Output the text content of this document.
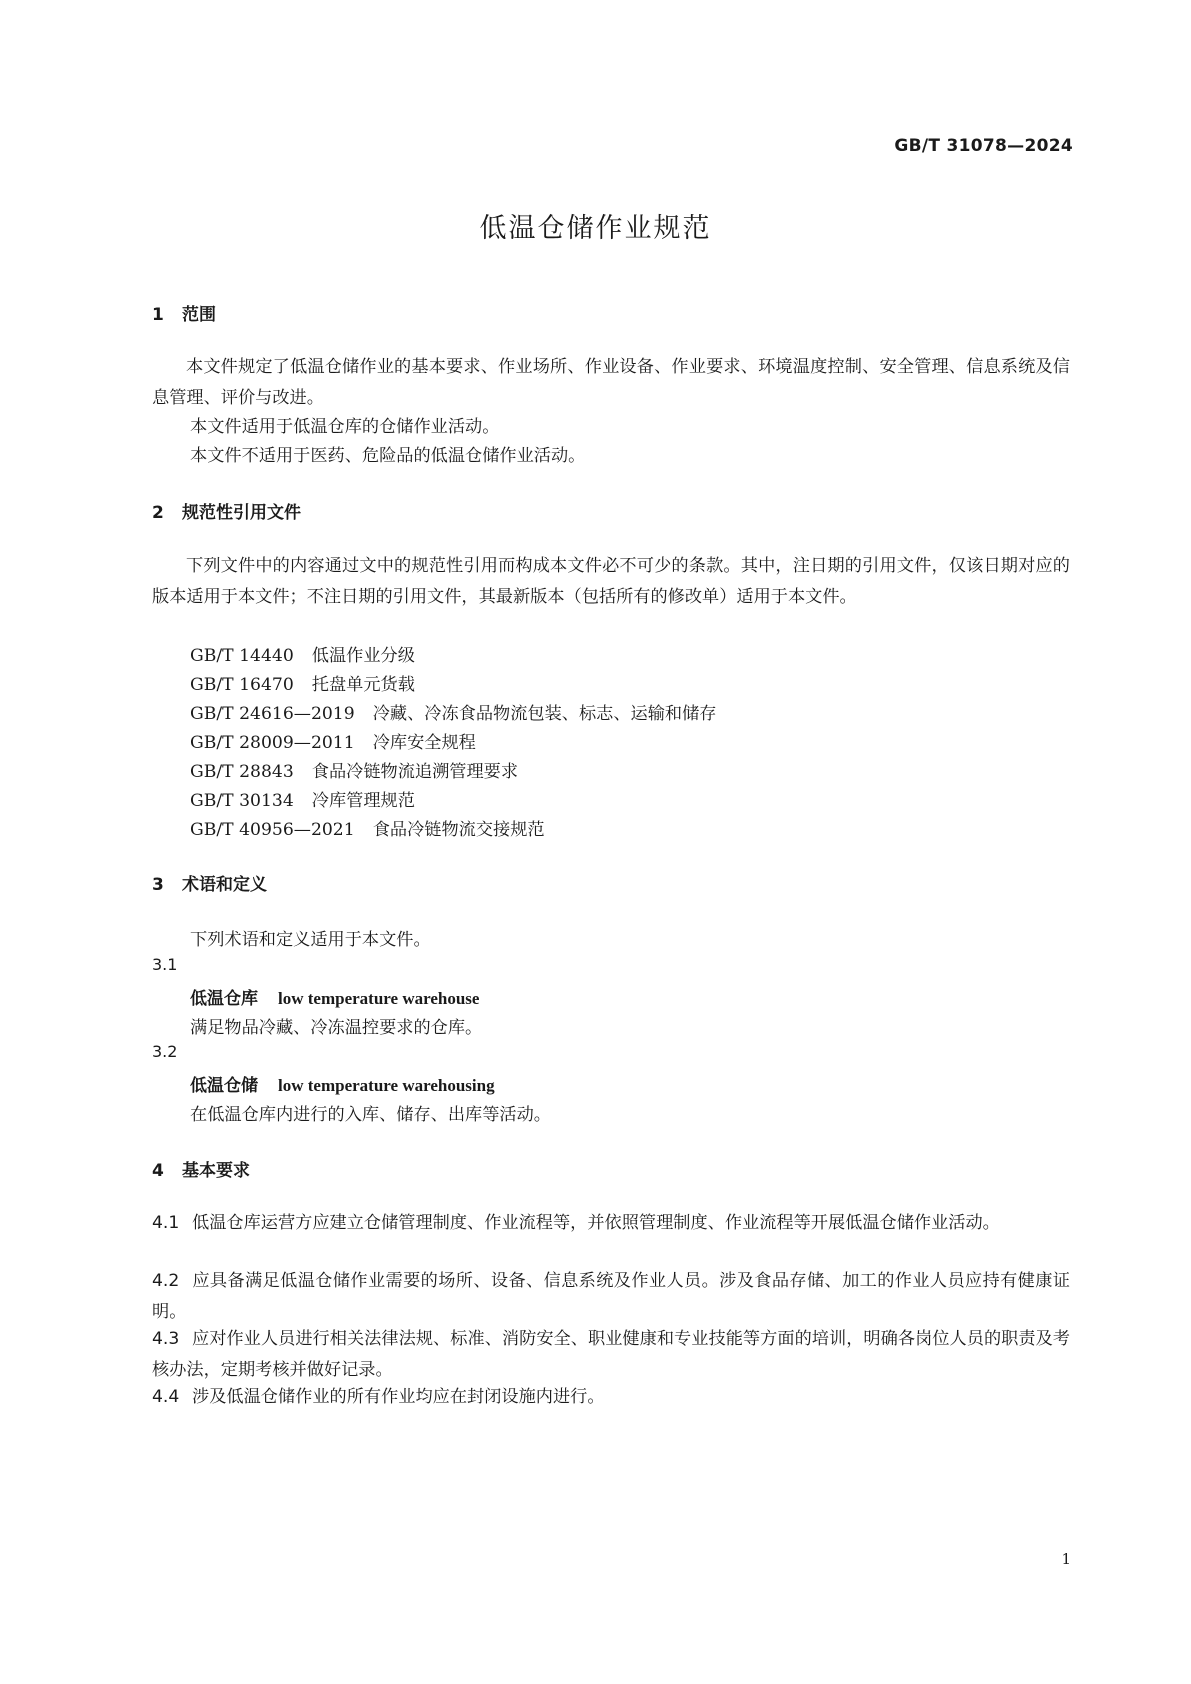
GB/T 31078—2024
低温仓储作业规范
1 范围
本文件规定了低温仓储作业的基本要求、作业场所、作业设备、作业要求、环境温度控制、安全管理、信息系统及信息管理、评价与改进。
本文件适用于低温仓库的仓储作业活动。
本文件不适用于医药、危险品的低温仓储作业活动。
2 规范性引用文件
下列文件中的内容通过文中的规范性引用而构成本文件必不可少的条款。其中，注日期的引用文件，仅该日期对应的版本适用于本文件；不注日期的引用文件，其最新版本（包括所有的修改单）适用于本文件。
GB/T 14440 低温作业分级
GB/T 16470 托盘单元货载
GB/T 24616—2019 冷藏、冷冻食品物流包装、标志、运输和储存
GB/T 28009—2011 冷库安全规程
GB/T 28843 食品冷链物流追溯管理要求
GB/T 30134 冷库管理规范
GB/T 40956—2021 食品冷链物流交接规范
3 术语和定义
下列术语和定义适用于本文件。
3.1
低温仓库 low temperature warehouse
满足物品冷藏、冷冻温控要求的仓库。
3.2
低温仓储 low temperature warehousing
在低温仓库内进行的入库、储存、出库等活动。
4 基本要求
4.1 低温仓库运营方应建立仓储管理制度、作业流程等，并依照管理制度、作业流程等开展低温仓储作业活动。
4.2 应具备满足低温仓储作业需要的场所、设备、信息系统及作业人员。涉及食品存储、加工的作业人员应持有健康证明。
4.3 应对作业人员进行相关法律法规、标准、消防安全、职业健康和专业技能等方面的培训，明确各岗位人员的职责及考核办法，定期考核并做好记录。
4.4 涉及低温仓储作业的所有作业均应在封闭设施内进行。
1
